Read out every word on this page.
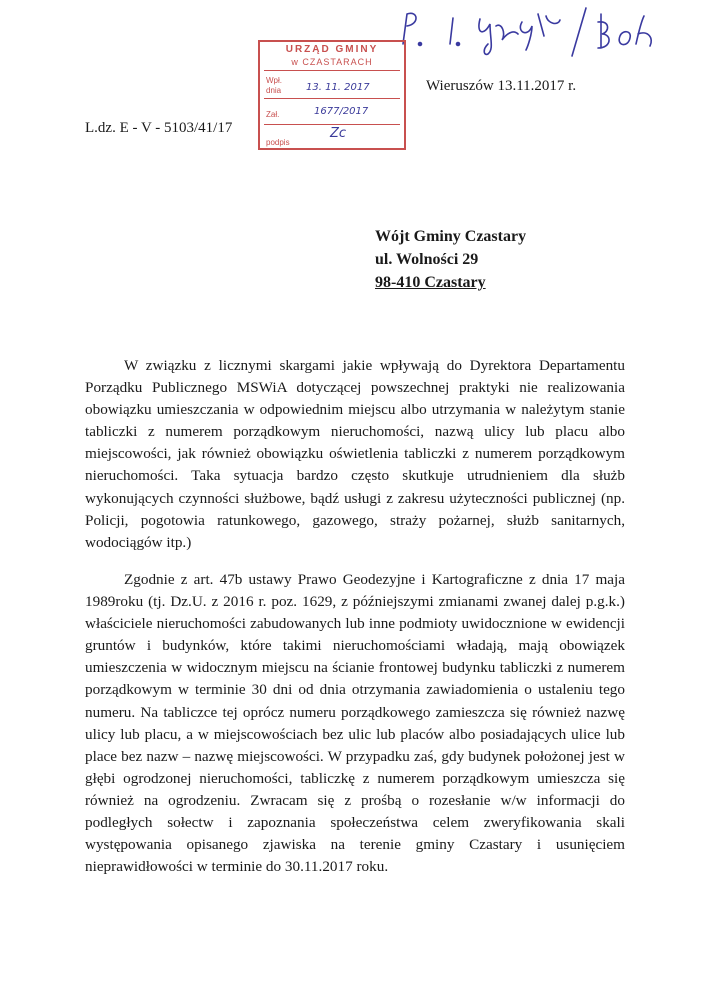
URZĄD GMINY
w CZASTARACH
Wpł. dnia	13. 11. 2017
Zał.	1677/2017
Zc
podpis
Wieruszów 13.11.2017 r.
L.dz. E - V - 5103/41/17
Wójt Gminy Czastary
ul. Wolności 29
98-410 Czastary

W związku z licznymi skargami jakie wpływają do Dyrektora Departamentu Porządku Publicznego MSWiA dotyczącej powszechnej praktyki nie realizowania obowiązku umieszczania w odpowiednim miejscu albo utrzymania w należytym stanie tabliczki z numerem porządkowym nieruchomości, nazwą ulicy lub placu albo miejscowości, jak również obowiązku oświetlenia tabliczki z numerem porządkowym nieruchomości. Taka sytuacja bardzo często skutkuje utrudnieniem dla służb wykonujących czynności służbowe, bądź usługi z zakresu użyteczności publicznej (np. Policji, pogotowia ratunkowego, gazowego, straży pożarnej, służb sanitarnych, wodociągów itp.)

Zgodnie z art. 47b ustawy Prawo Geodezyjne i Kartograficzne z dnia 17 maja 1989roku (tj. Dz.U. z 2016 r. poz. 1629, z późniejszymi zmianami zwanej dalej p.g.k.) właściciele nieruchomości zabudowanych lub inne podmioty uwidocznione w ewidencji gruntów i budynków, które takimi nieruchomościami władają, mają obowiązek umieszczenia w widocznym miejscu na ścianie frontowej budynku tabliczki z numerem porządkowym w terminie 30 dni od dnia otrzymania zawiadomienia o ustaleniu tego numeru. Na tabliczce tej oprócz numeru porządkowego zamieszcza się również nazwę ulicy lub placu, a w miejscowościach bez ulic lub placów albo posiadających ulice lub place bez nazw – nazwę miejscowości. W przypadku zaś, gdy budynek położonej jest w głębi ogrodzonej nieruchomości, tabliczkę z numerem porządkowym umieszcza się również na ogrodzeniu. Zwracam się z prośbą o rozesłanie w/w informacji do podległych sołectw i zapoznania społeczeństwa celem zweryfikowania skali występowania opisanego zjawiska na terenie gminy Czastary i usunięciem nieprawidłowości w terminie do 30.11.2017 roku.
